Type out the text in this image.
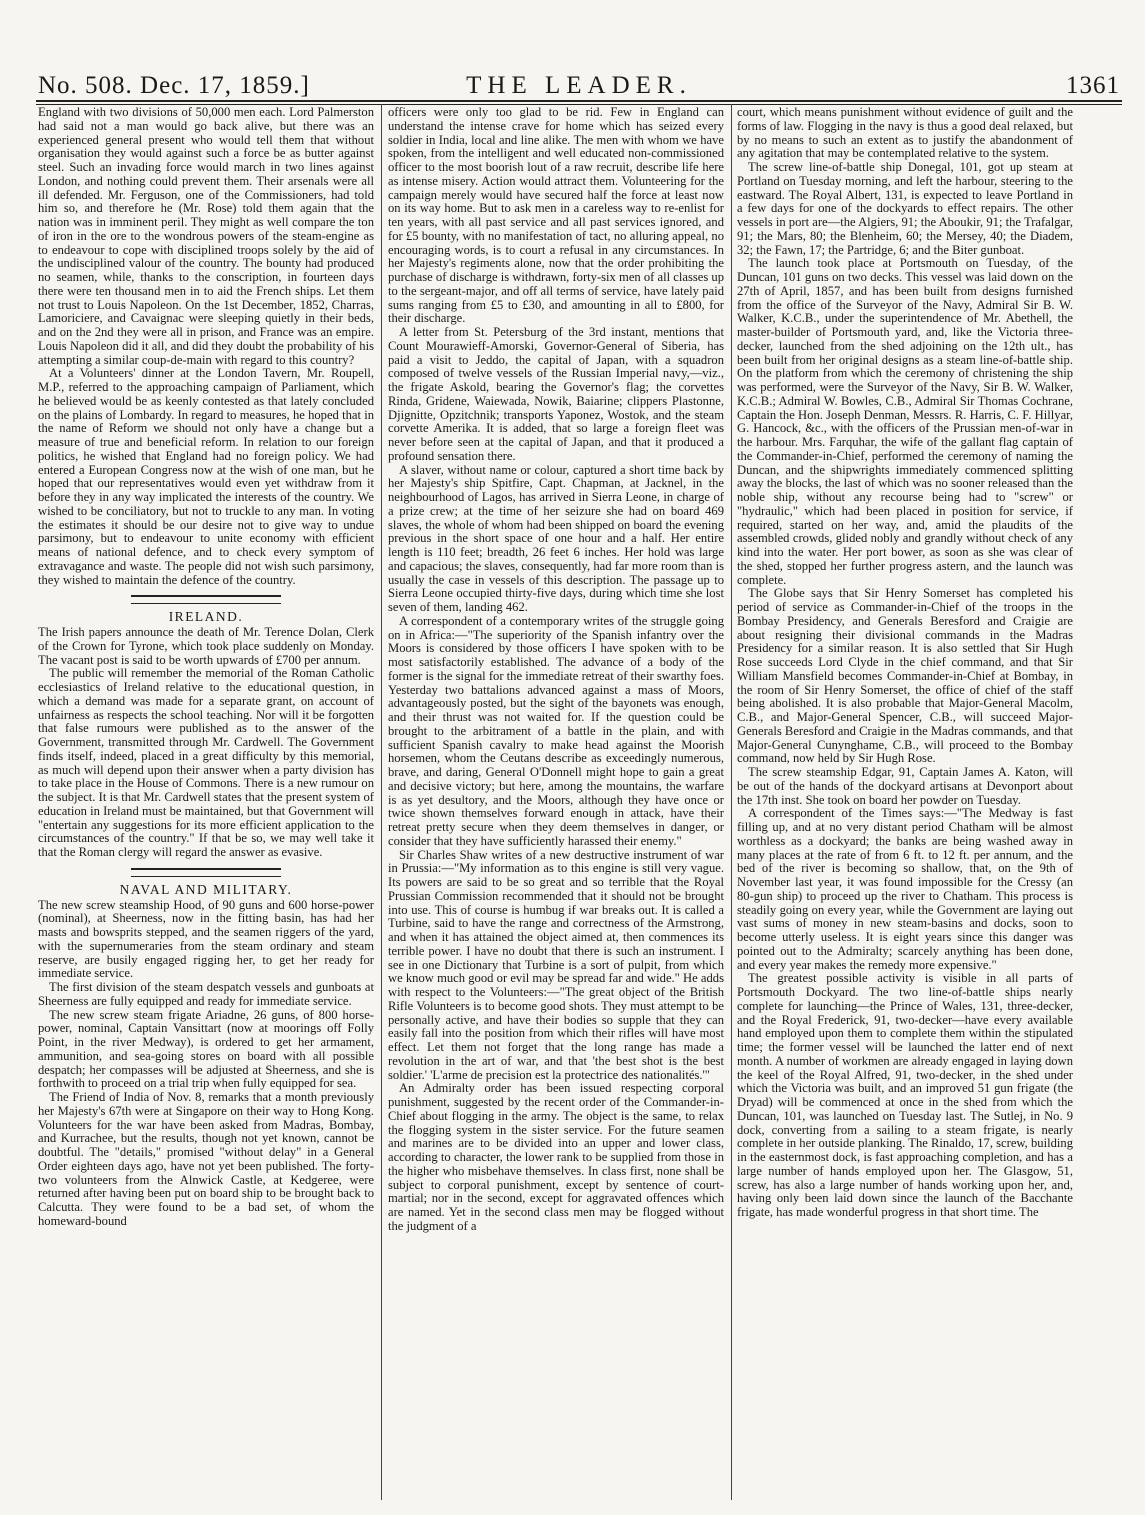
No. 508. Dec. 17, 1859.]	THE LEADER.	1361

England with two divisions of 50,000 men each. Lord Palmerston had said not a man would go back alive, but there was an experienced general present who would tell them that without organisation they would against such a force be as butter against steel. Such an invading force would march in two lines against London, and nothing could prevent them. Their arsenals were all ill defended. Mr. Ferguson, one of the Commissioners, had told him so, and therefore he (Mr. Rose) told them again that the nation was in imminent peril. They might as well compare the ton of iron in the ore to the wondrous powers of the steam-engine as to endeavour to cope with disciplined troops solely by the aid of the undisciplined valour of the country. The bounty had produced no seamen, while, thanks to the conscription, in fourteen days there were ten thousand men in to aid the French ships. Let them not trust to Louis Napoleon. On the 1st December, 1852, Charras, Lamoriciere, and Cavaignac were sleeping quietly in their beds, and on the 2nd they were all in prison, and France was an empire. Louis Napoleon did it all, and did they doubt the probability of his attempting a similar coup-de-main with regard to this country?

At a Volunteers' dinner at the London Tavern, Mr. Roupell, M.P., referred to the approaching campaign of Parliament, which he believed would be as keenly contested as that lately concluded on the plains of Lombardy. In regard to measures, he hoped that in the name of Reform we should not only have a change but a measure of true and beneficial reform. In relation to our foreign politics, he wished that England had no foreign policy. We had entered a European Congress now at the wish of one man, but he hoped that our representatives would even yet withdraw from it before they in any way implicated the interests of the country. We wished to be conciliatory, but not to truckle to any man. In voting the estimates it should be our desire not to give way to undue parsimony, but to endeavour to unite economy with efficient means of national defence, and to check every symptom of extravagance and waste. The people did not wish such parsimony, they wished to maintain the defence of the country.

IRELAND.

The Irish papers announce the death of Mr. Terence Dolan, Clerk of the Crown for Tyrone, which took place suddenly on Monday. The vacant post is said to be worth upwards of £700 per annum.

The public will remember the memorial of the Roman Catholic ecclesiastics of Ireland relative to the educational question, in which a demand was made for a separate grant, on account of unfairness as respects the school teaching. Nor will it be forgotten that false rumours were published as to the answer of the Government, transmitted through Mr. Cardwell. The Government finds itself, indeed, placed in a great difficulty by this memorial, as much will depend upon their answer when a party division has to take place in the House of Commons. There is a new rumour on the subject. It is that Mr. Cardwell states that the present system of education in Ireland must be maintained, but that Government will "entertain any suggestions for its more efficient application to the circumstances of the country." If that be so, we may well take it that the Roman clergy will regard the answer as evasive.

NAVAL AND MILITARY.

The new screw steamship Hood, of 90 guns and 600 horse-power (nominal), at Sheerness, now in the fitting basin, has had her masts and bowsprits stepped, and the seamen riggers of the yard, with the supernumeraries from the steam ordinary and steam reserve, are busily engaged rigging her, to get her ready for immediate service.

The first division of the steam despatch vessels and gunboats at Sheerness are fully equipped and ready for immediate service.

The new screw steam frigate Ariadne, 26 guns, of 800 horse-power, nominal, Captain Vansittart (now at moorings off Folly Point, in the river Medway), is ordered to get her armament, ammunition, and sea-going stores on board with all possible despatch; her compasses will be adjusted at Sheerness, and she is forthwith to proceed on a trial trip when fully equipped for sea.

The Friend of India of Nov. 8, remarks that a month previously her Majesty's 67th were at Singapore on their way to Hong Kong. Volunteers for the war have been asked from Madras, Bombay, and Kurrachee, but the results, though not yet known, cannot be doubtful. The "details," promised "without delay" in a General Order eighteen days ago, have not yet been published. The forty-two volunteers from the Alnwick Castle, at Kedgeree, were returned after having been put on board ship to be brought back to Calcutta. They were found to be a bad set, of whom the homeward-bound

officers were only too glad to be rid. Few in England can understand the intense crave for home which has seized every soldier in India, local and line alike. The men with whom we have spoken, from the intelligent and well educated non-commissioned officer to the most boorish lout of a raw recruit, describe life here as intense misery. Action would attract them. Volunteering for the campaign merely would have secured half the force at least now on its way home. But to ask men in a careless way to re-enlist for ten years, with all past service and all past services ignored, and for £5 bounty, with no manifestation of tact, no alluring appeal, no encouraging words, is to court a refusal in any circumstances. In her Majesty's regiments alone, now that the order prohibiting the purchase of discharge is withdrawn, forty-six men of all classes up to the sergeant-major, and off all terms of service, have lately paid sums ranging from £5 to £30, and amounting in all to £800, for their discharge.

A letter from St. Petersburg of the 3rd instant, mentions that Count Mourawieff-Amorski, Governor-General of Siberia, has paid a visit to Jeddo, the capital of Japan, with a squadron composed of twelve vessels of the Russian Imperial navy,—viz., the frigate Askold, bearing the Governor's flag; the corvettes Rinda, Gridene, Waiewada, Nowik, Baiarine; clippers Plastonne, Djignitte, Opzitchnik; transports Yaponez, Wostok, and the steam corvette Amerika. It is added, that so large a foreign fleet was never before seen at the capital of Japan, and that it produced a profound sensation there.

A slaver, without name or colour, captured a short time back by her Majesty's ship Spitfire, Capt. Chapman, at Jacknel, in the neighbourhood of Lagos, has arrived in Sierra Leone, in charge of a prize crew; at the time of her seizure she had on board 469 slaves, the whole of whom had been shipped on board the evening previous in the short space of one hour and a half. Her entire length is 110 feet; breadth, 26 feet 6 inches. Her hold was large and capacious; the slaves, consequently, had far more room than is usually the case in vessels of this description. The passage up to Sierra Leone occupied thirty-five days, during which time she lost seven of them, landing 462.

A correspondent of a contemporary writes of the struggle going on in Africa:—"The superiority of the Spanish infantry over the Moors is considered by those officers I have spoken with to be most satisfactorily established. The advance of a body of the former is the signal for the immediate retreat of their swarthy foes. Yesterday two battalions advanced against a mass of Moors, advantageously posted, but the sight of the bayonets was enough, and their thrust was not waited for. If the question could be brought to the arbitrament of a battle in the plain, and with sufficient Spanish cavalry to make head against the Moorish horsemen, whom the Ceutans describe as exceedingly numerous, brave, and daring, General O'Donnell might hope to gain a great and decisive victory; but here, among the mountains, the warfare is as yet desultory, and the Moors, although they have once or twice shown themselves forward enough in attack, have their retreat pretty secure when they deem themselves in danger, or consider that they have sufficiently harassed their enemy."

Sir Charles Shaw writes of a new destructive instrument of war in Prussia:—"My information as to this engine is still very vague. Its powers are said to be so great and so terrible that the Royal Prussian Commission recommended that it should not be brought into use. This of course is humbug if war breaks out. It is called a Turbine, said to have the range and correctness of the Armstrong, and when it has attained the object aimed at, then commences its terrible power. I have no doubt that there is such an instrument. I see in one Dictionary that Turbine is a sort of pulpit, from which we know much good or evil may be spread far and wide." He adds with respect to the Volunteers:—"The great object of the British Rifle Volunteers is to become good shots. They must attempt to be personally active, and have their bodies so supple that they can easily fall into the position from which their rifles will have most effect. Let them not forget that the long range has made a revolution in the art of war, and that 'the best shot is the best soldier.' 'L'arme de precision est la protectrice des nationalités.'"

An Admiralty order has been issued respecting corporal punishment, suggested by the recent order of the Commander-in-Chief about flogging in the army. The object is the same, to relax the flogging system in the sister service. For the future seamen and marines are to be divided into an upper and lower class, according to character, the lower rank to be supplied from those in the higher who misbehave themselves. In class first, none shall be subject to corporal punishment, except by sentence of court-martial; nor in the second, except for aggravated offences which are named. Yet in the second class men may be flogged without the judgment of a

court, which means punishment without evidence of guilt and the forms of law. Flogging in the navy is thus a good deal relaxed, but by no means to such an extent as to justify the abandonment of any agitation that may be contemplated relative to the system.

The screw line-of-battle ship Donegal, 101, got up steam at Portland on Tuesday morning, and left the harbour, steering to the eastward. The Royal Albert, 131, is expected to leave Portland in a few days for one of the dockyards to effect repairs. The other vessels in port are—the Algiers, 91; the Aboukir, 91; the Trafalgar, 91; the Mars, 80; the Blenheim, 60; the Mersey, 40; the Diadem, 32; the Fawn, 17; the Partridge, 6; and the Biter gunboat.

The launch took place at Portsmouth on Tuesday, of the Duncan, 101 guns on two decks. This vessel was laid down on the 27th of April, 1857, and has been built from designs furnished from the office of the Surveyor of the Navy, Admiral Sir B. W. Walker, K.C.B., under the superintendence of Mr. Abethell, the master-builder of Portsmouth yard, and, like the Victoria three-decker, launched from the shed adjoining on the 12th ult., has been built from her original designs as a steam line-of-battle ship. On the platform from which the ceremony of christening the ship was performed, were the Surveyor of the Navy, Sir B. W. Walker, K.C.B.; Admiral W. Bowles, C.B., Admiral Sir Thomas Cochrane, Captain the Hon. Joseph Denman, Messrs. R. Harris, C. F. Hillyar, G. Hancock, &c., with the officers of the Prussian men-of-war in the harbour. Mrs. Farquhar, the wife of the gallant flag captain of the Commander-in-Chief, performed the ceremony of naming the Duncan, and the shipwrights immediately commenced splitting away the blocks, the last of which was no sooner released than the noble ship, without any recourse being had to "screw" or "hydraulic," which had been placed in position for service, if required, started on her way, and, amid the plaudits of the assembled crowds, glided nobly and grandly without check of any kind into the water. Her port bower, as soon as she was clear of the shed, stopped her further progress astern, and the launch was complete.

The Globe says that Sir Henry Somerset has completed his period of service as Commander-in-Chief of the troops in the Bombay Presidency, and Generals Beresford and Craigie are about resigning their divisional commands in the Madras Presidency for a similar reason. It is also settled that Sir Hugh Rose succeeds Lord Clyde in the chief command, and that Sir William Mansfield becomes Commander-in-Chief at Bombay, in the room of Sir Henry Somerset, the office of chief of the staff being abolished. It is also probable that Major-General Macolm, C.B., and Major-General Spencer, C.B., will succeed Major-Generals Beresford and Craigie in the Madras commands, and that Major-General Cunynghame, C.B., will proceed to the Bombay command, now held by Sir Hugh Rose.

The screw steamship Edgar, 91, Captain James A. Katon, will be out of the hands of the dockyard artisans at Devonport about the 17th inst. She took on board her powder on Tuesday.

A correspondent of the Times says:—"The Medway is fast filling up, and at no very distant period Chatham will be almost worthless as a dockyard; the banks are being washed away in many places at the rate of from 6 ft. to 12 ft. per annum, and the bed of the river is becoming so shallow, that, on the 9th of November last year, it was found impossible for the Cressy (an 80-gun ship) to proceed up the river to Chatham. This process is steadily going on every year, while the Government are laying out vast sums of money in new steam-basins and docks, soon to become utterly useless. It is eight years since this danger was pointed out to the Admiralty; scarcely anything has been done, and every year makes the remedy more expensive."

The greatest possible activity is visible in all parts of Portsmouth Dockyard. The two line-of-battle ships nearly complete for launching—the Prince of Wales, 131, three-decker, and the Royal Frederick, 91, two-decker—have every available hand employed upon them to complete them within the stipulated time; the former vessel will be launched the latter end of next month. A number of workmen are already engaged in laying down the keel of the Royal Alfred, 91, two-decker, in the shed under which the Victoria was built, and an improved 51 gun frigate (the Dryad) will be commenced at once in the shed from which the Duncan, 101, was launched on Tuesday last. The Sutlej, in No. 9 dock, converting from a sailing to a steam frigate, is nearly complete in her outside planking. The Rinaldo, 17, screw, building in the easternmost dock, is fast approaching completion, and has a large number of hands employed upon her. The Glasgow, 51, screw, has also a large number of hands working upon her, and, having only been laid down since the launch of the Bacchante frigate, has made wonderful progress in that short time. The
